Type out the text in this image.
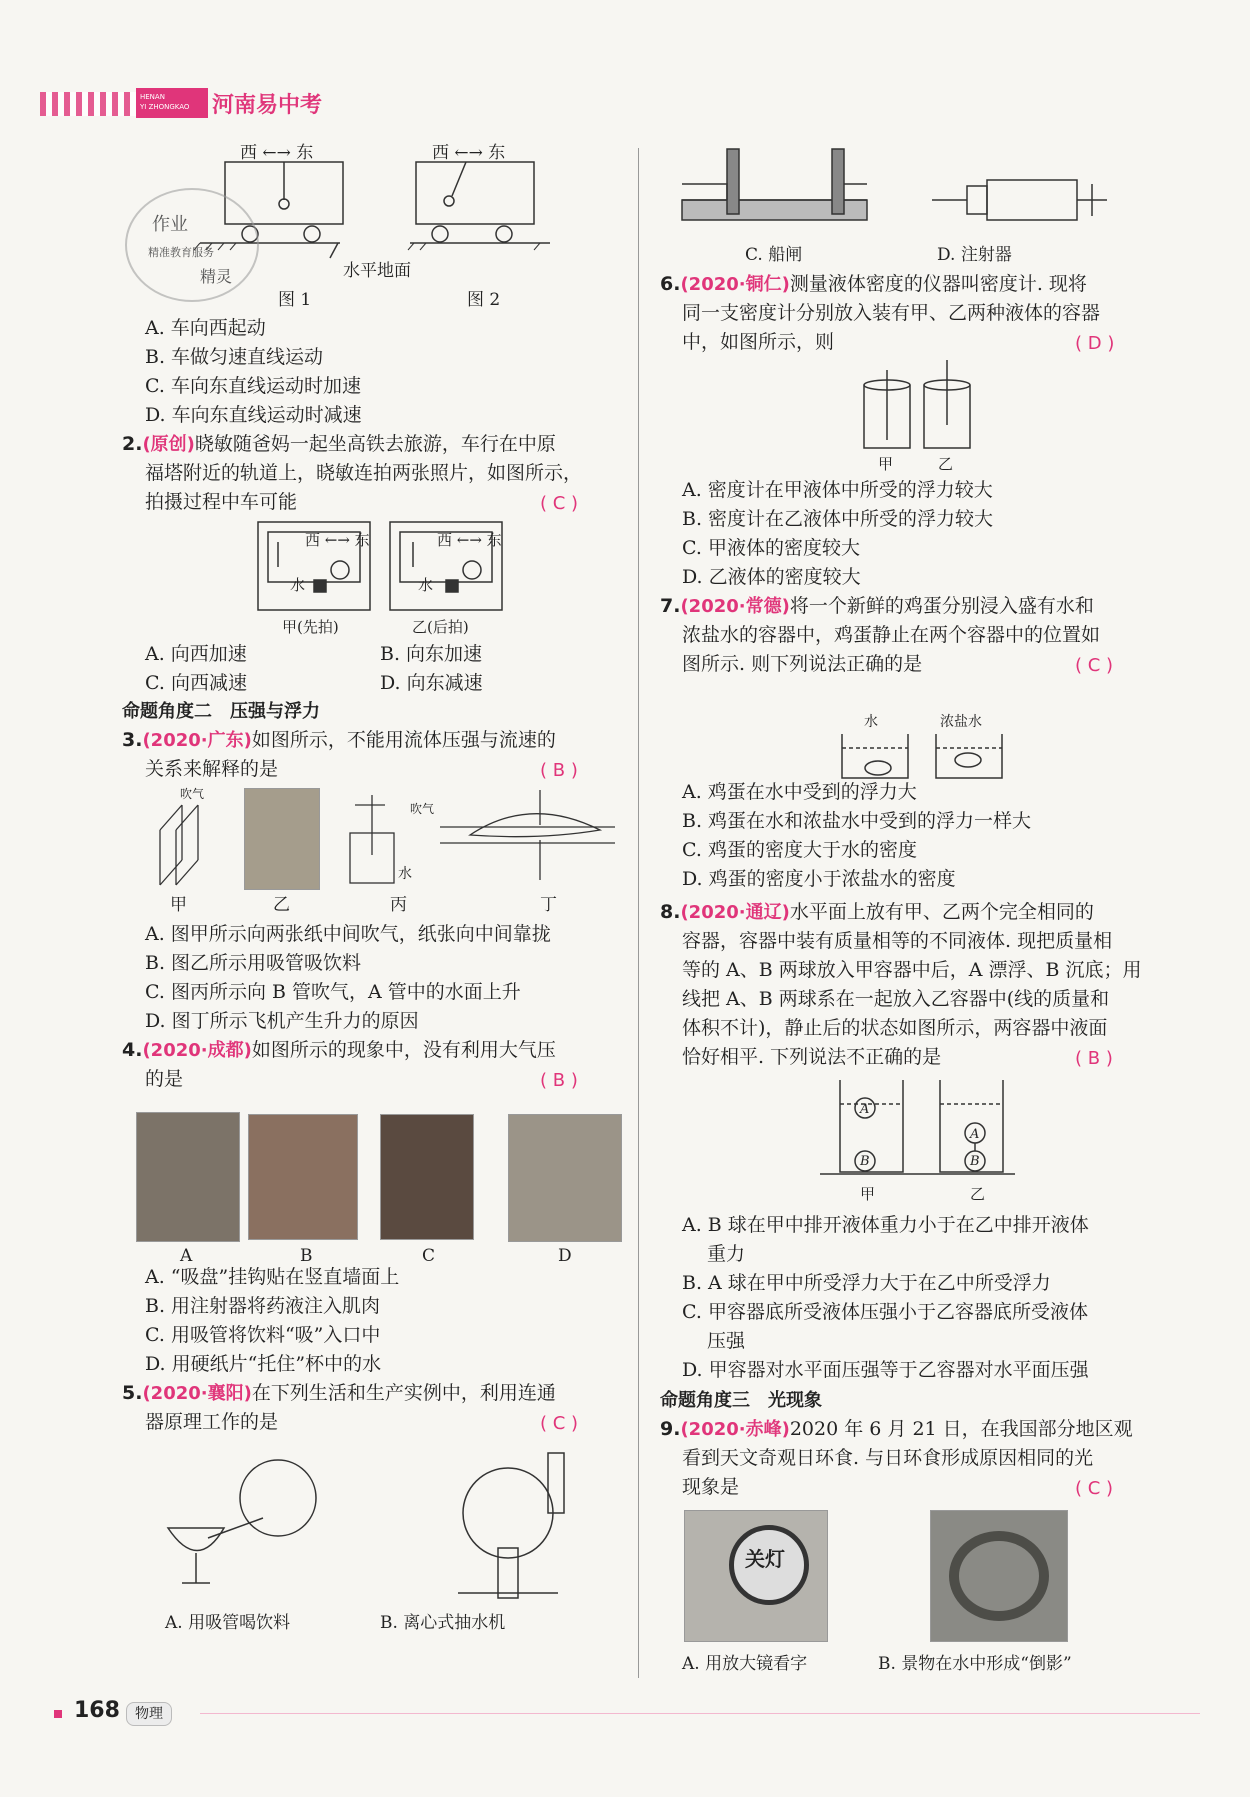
HENAN
YI ZHONGKAO 河南易中考
西 ←→ 东	西 ←→ 东
作业
精准教育服务
精灵	水平地面
图 1	图 2
A. 车向西起动
B. 车做匀速直线运动
C. 车向东直线运动时加速
D. 车向东直线运动时减速
2.(原创)晓敏随爸妈一起坐高铁去旅游，车行在中原
福塔附近的轨道上，晓敏连拍两张照片，如图所示，
拍摄过程中车可能	( C )
西 ←→ 东	西 ←→ 东
水	水
甲(先拍)	乙(后拍)
A. 向西加速	B. 向东加速
C. 向西减速	D. 向东减速
命题角度二　压强与浮力
3.(2020·广东)如图所示，不能用流体压强与流速的
关系来解释的是	( B )
吹气
吹气
水
甲	乙	丙	丁
A. 图甲所示向两张纸中间吹气，纸张向中间靠拢
B. 图乙所示用吸管吸饮料
C. 图丙所示向 B 管吹气，A 管中的水面上升
D. 图丁所示飞机产生升力的原因
4.(2020·成都)如图所示的现象中，没有利用大气压
的是	( B )
A	B	C	D
A. “吸盘”挂钩贴在竖直墙面上
B. 用注射器将药液注入肌肉
C. 用吸管将饮料“吸”入口中
D. 用硬纸片“托住”杯中的水
5.(2020·襄阳)在下列生活和生产实例中，利用连通
器原理工作的是	( C )
A. 用吸管喝饮料	B. 离心式抽水机
C. 船闸	D. 注射器
6.(2020·铜仁)测量液体密度的仪器叫密度计. 现将
同一支密度计分别放入装有甲、乙两种液体的容器
中，如图所示，则	( D )
甲	乙
A. 密度计在甲液体中所受的浮力较大
B. 密度计在乙液体中所受的浮力较大
C. 甲液体的密度较大
D. 乙液体的密度较大
7.(2020·常德)将一个新鲜的鸡蛋分别浸入盛有水和
浓盐水的容器中，鸡蛋静止在两个容器中的位置如
图所示. 则下列说法正确的是	( C )
水	浓盐水
A. 鸡蛋在水中受到的浮力大
B. 鸡蛋在水和浓盐水中受到的浮力一样大
C. 鸡蛋的密度大于水的密度
D. 鸡蛋的密度小于浓盐水的密度
8.(2020·通辽)水平面上放有甲、乙两个完全相同的
容器，容器中装有质量相等的不同液体. 现把质量相
等的 A、B 两球放入甲容器中后，A 漂浮、B 沉底；用
线把 A、B 两球系在一起放入乙容器中(线的质量和
体积不计)，静止后的状态如图所示，两容器中液面
恰好相平. 下列说法不正确的是	( B )
A
B
A
B
甲	乙
A. B 球在甲中排开液体重力小于在乙中排开液体
　 重力
B. A 球在甲中所受浮力大于在乙中所受浮力
C. 甲容器底所受液体压强小于乙容器底所受液体
　 压强
D. 甲容器对水平面压强等于乙容器对水平面压强
命题角度三　光现象
9.(2020·赤峰)2020 年 6 月 21 日，在我国部分地区观
看到天文奇观日环食. 与日环食形成原因相同的光
现象是	( C )
关灯
A. 用放大镜看字	B. 景物在水中形成“倒影”
168	物理
